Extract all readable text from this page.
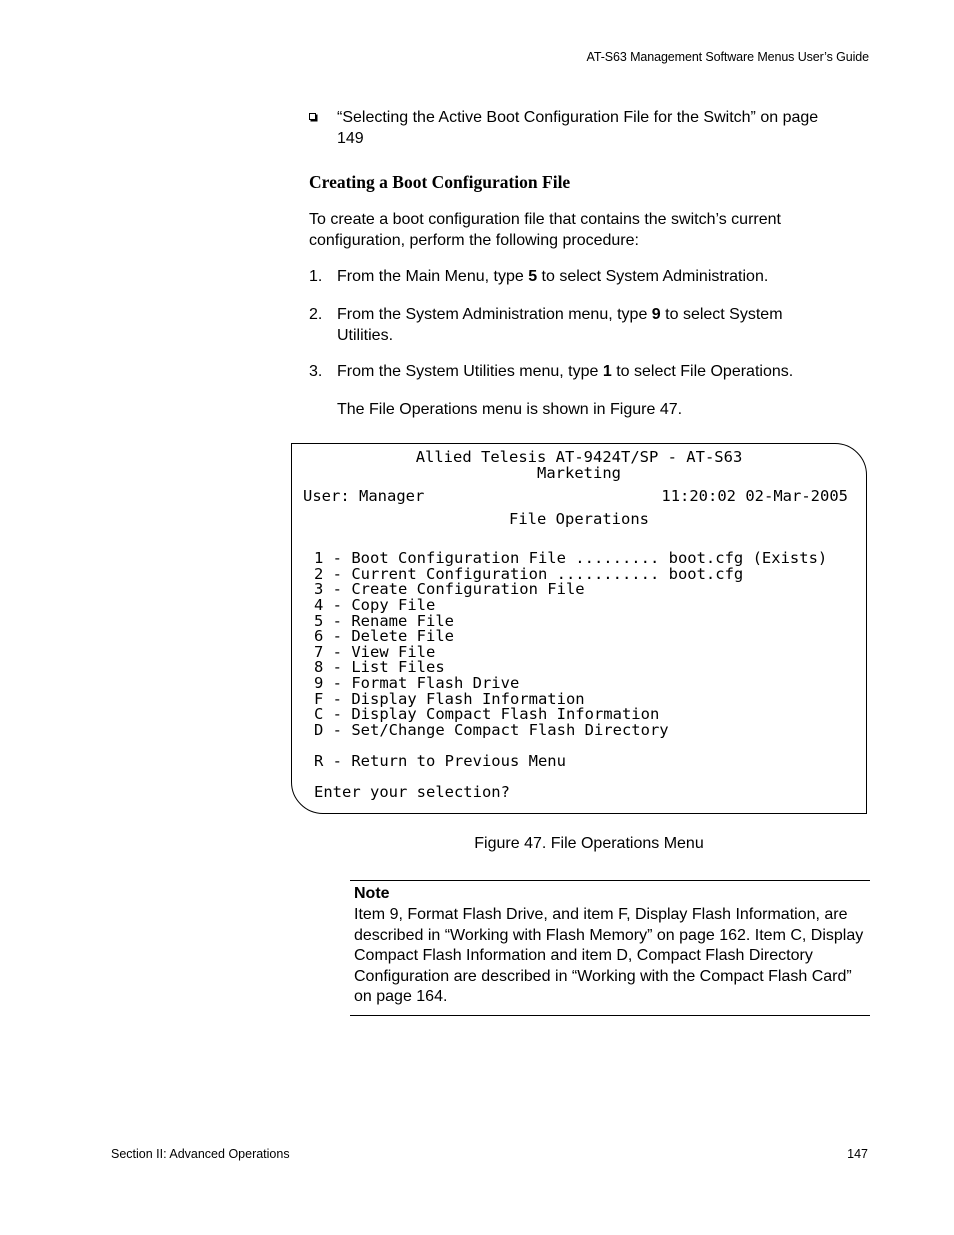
AT-S63 Management Software Menus User’s Guide
“Selecting the Active Boot Configuration File for the Switch” on page 149
Creating a Boot Configuration File
To create a boot configuration file that contains the switch’s current configuration, perform the following procedure:
1. From the Main Menu, type 5 to select System Administration.
2. From the System Administration menu, type 9 to select System Utilities.
3. From the System Utilities menu, type 1 to select File Operations.
The File Operations menu is shown in Figure 47.

Allied Telesis AT-9424T/SP - AT-S63

Marketing

User: Manager

	11:20:02 02-Mar-2005

File Operations

1 - Boot Configuration File ......... boot.cfg (Exists)

2 - Current Configuration ........... boot.cfg

3 - Create Configuration File

4 - Copy File

5 - Rename File

6 - Delete File

7 - View File

8 - List Files

9 - Format Flash Drive

F - Display Flash Information

C - Display Compact Flash Information

D - Set/Change Compact Flash Directory

R - Return to Previous Menu

Enter your selection?

Figure 47. File Operations Menu
Note
Item 9, Format Flash Drive, and item F, Display Flash Information, are described in “Working with Flash Memory” on page 162. Item C, Display Compact Flash Information and item D, Compact Flash Directory Configuration are described in “Working with the Compact Flash Card” on page 164.
Section II: Advanced Operations	147
